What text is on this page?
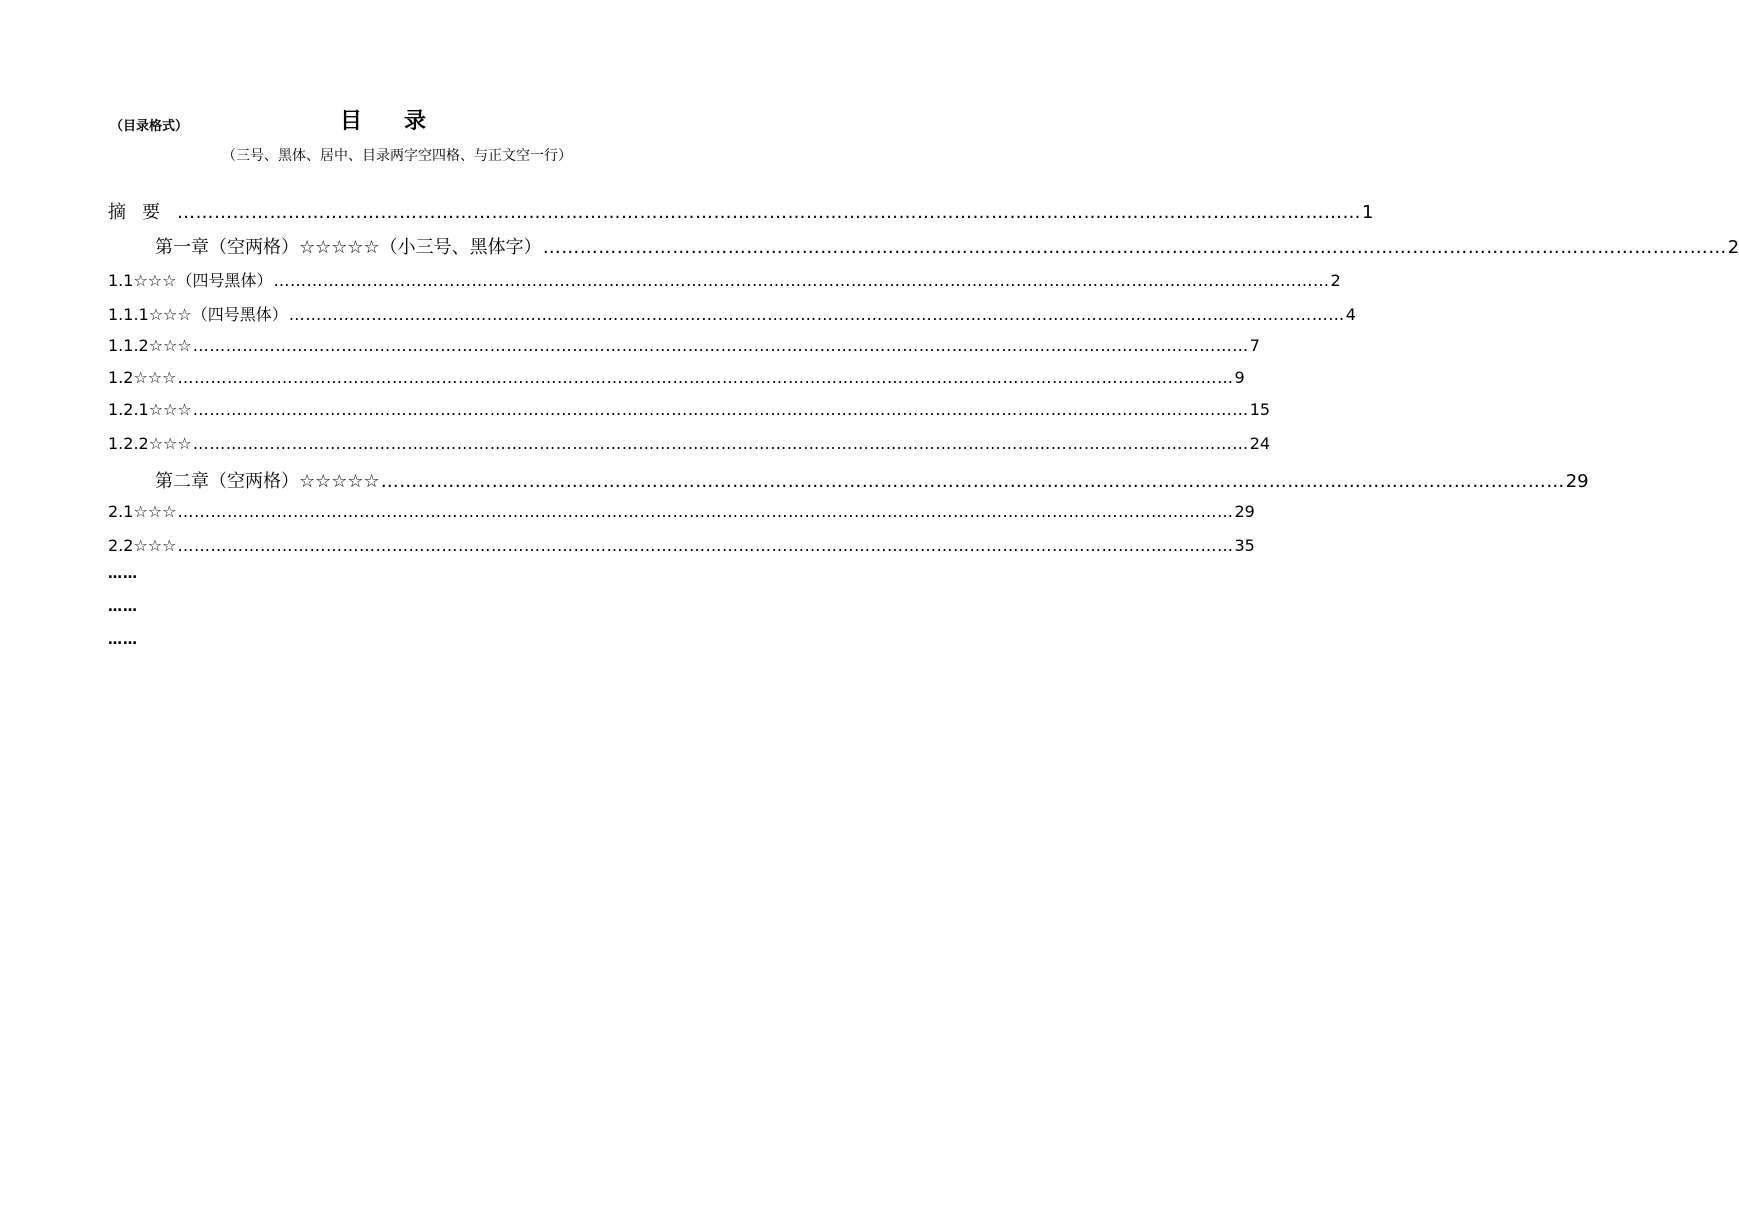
（目录格式）	目录
（三号、黑体、居中、目录两字空四格、与正文空一行）
摘要 ………………………………………………………………………………………………………………………………………………………………………… 1
第一章（空两格）☆☆☆☆☆（小三号、黑体字） ………………………………………………………………………………………………………………………………………………………………………… 2
1.1☆☆☆（四号黑体） ………………………………………………………………………………………………………………………………………………………………………… 2
1.1.1☆☆☆（四号黑体） ………………………………………………………………………………………………………………………………………………………………………… 4
1.1.2☆☆☆ ………………………………………………………………………………………………………………………………………………………………………… 7
1.2☆☆☆ ………………………………………………………………………………………………………………………………………………………………………… 9
1.2.1☆☆☆ ………………………………………………………………………………………………………………………………………………………………………… 15
1.2.2☆☆☆ ………………………………………………………………………………………………………………………………………………………………………… 24
第二章（空两格）☆☆☆☆☆ ………………………………………………………………………………………………………………………………………………………………………… 29
2.1☆☆☆ ………………………………………………………………………………………………………………………………………………………………………… 29
2.2☆☆☆ ………………………………………………………………………………………………………………………………………………………………………… 35
……
……
……
